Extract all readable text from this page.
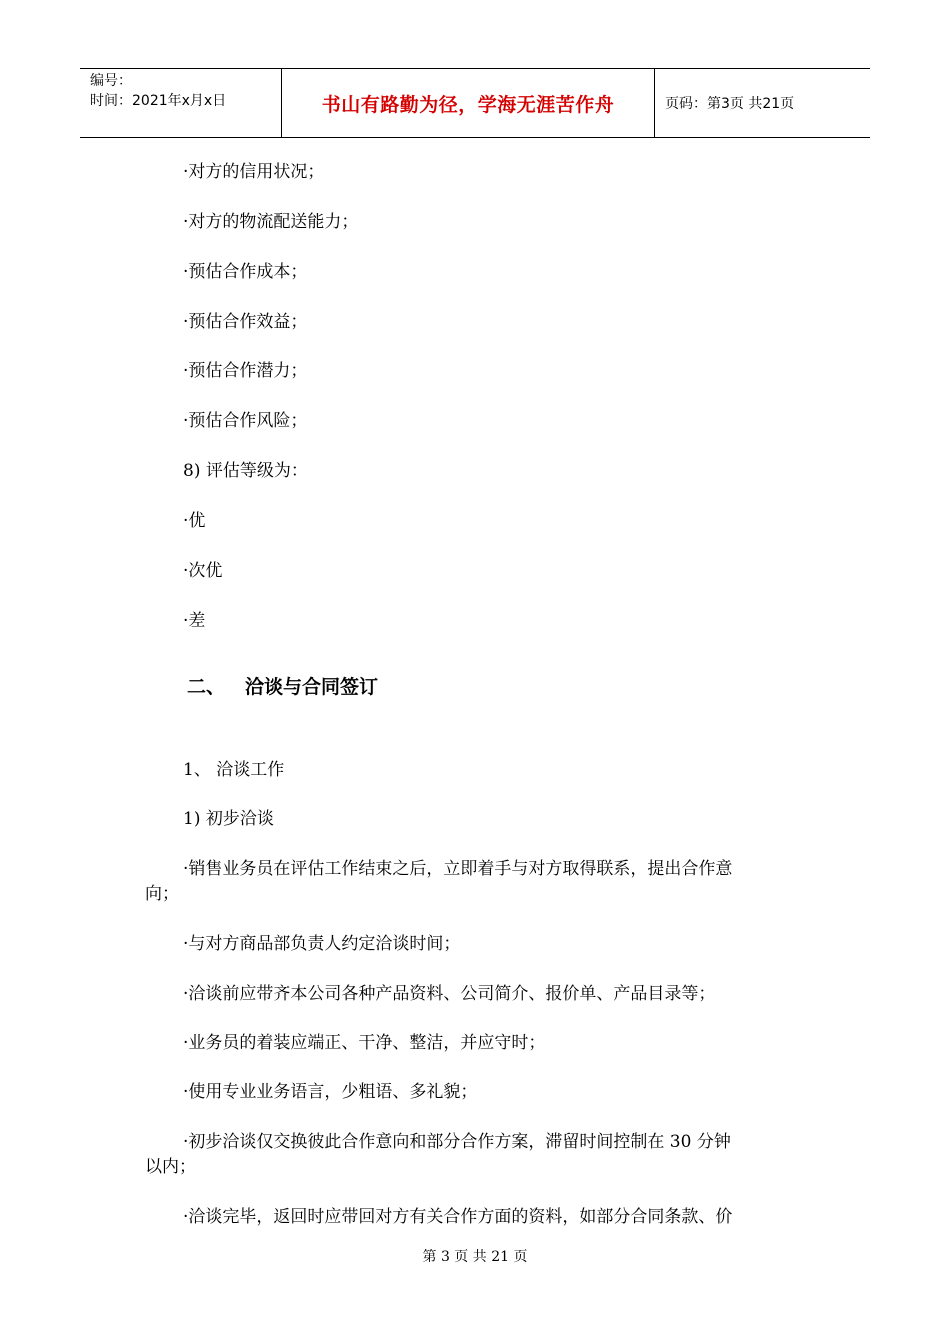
编号：
时间：2021年x月x日	书山有路勤为径，学海无涯苦作舟	页码：第3页 共21页
·对方的信用状况；
·对方的物流配送能力；
·预估合作成本；
·预估合作效益；
·预估合作潜力；
·预估合作风险；
8) 评估等级为：
·优
·次优
·差
二、 洽谈与合同签订
1、 洽谈工作
1) 初步洽谈
·销售业务员在评估工作结束之后，立即着手与对方取得联系，提出合作意
向；
·与对方商品部负责人约定洽谈时间；
·洽谈前应带齐本公司各种产品资料、公司简介、报价单、产品目录等；
·业务员的着装应端正、干净、整洁，并应守时；
·使用专业业务语言，少粗语、多礼貌；
·初步洽谈仅交换彼此合作意向和部分合作方案，滞留时间控制在 30 分钟
以内；
·洽谈完毕，返回时应带回对方有关合作方面的资料，如部分合同条款、价
第 3 页 共 21 页
